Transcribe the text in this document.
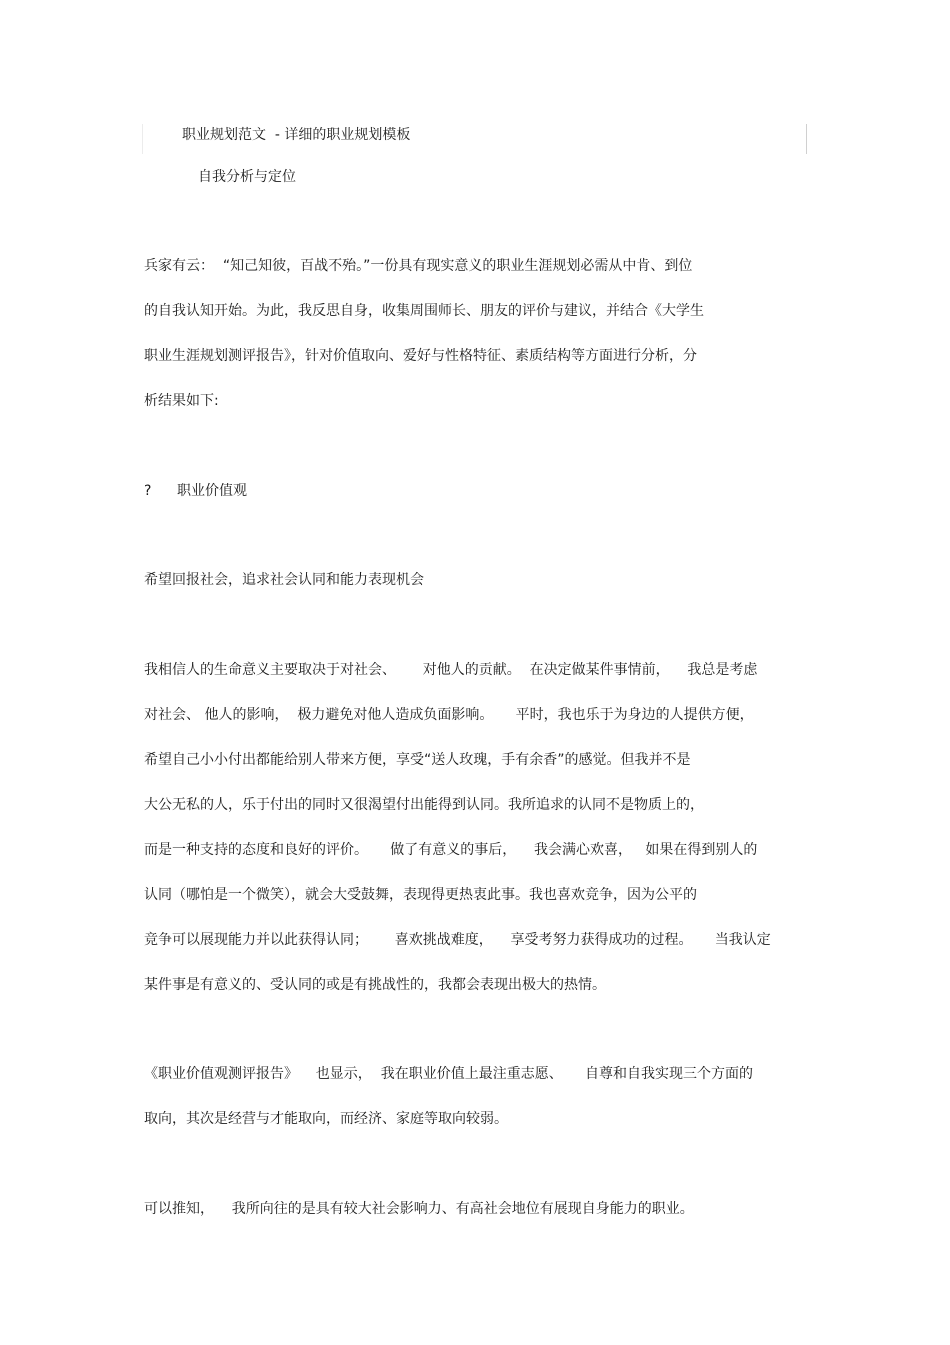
职业规划范文  - 详细的职业规划模板
自我分析与定位
兵家有云：  “知己知彼，百战不殆。”一份具有现实意义的职业生涯规划必需从中肯、到位
的自我认知开始。为此，我反思自身，收集周围师长、朋友的评价与建议，并结合《大学生
职业生涯规划测评报告》，针对价值取向、爱好与性格特征、素质结构等方面进行分析，分
析结果如下:
? 职业价值观
希望回报社会，追求社会认同和能力表现机会
我相信人的生命意义主要取决于对社会、      对他人的贡献。  在决定做某件事情前，    我总是考虑
对社会、 他人的影响，  极力避免对他人造成负面影响。     平时，我也乐于为身边的人提供方便，
希望自己小小付出都能给别人带来方便，享受“送人玫瑰，手有余香”的感觉。但我并不是
大公无私的人，乐于付出的同时又很渴望付出能得到认同。我所追求的认同不是物质上的，
而是一种支持的态度和良好的评价。     做了有意义的事后，    我会满心欢喜，   如果在得到别人的
认同（哪怕是一个微笑），就会大受鼓舞，表现得更热衷此事。我也喜欢竞争，因为公平的
竞争可以展现能力并以此获得认同；      喜欢挑战难度，    享受考努力获得成功的过程。     当我认定
某件事是有意义的、受认同的或是有挑战性的，我都会表现出极大的热情。
《职业价值观测评报告》    也显示，  我在职业价值上最注重志愿、     自尊和自我实现三个方面的
取向，其次是经营与才能取向，而经济、家庭等取向较弱。
可以推知，    我所向往的是具有较大社会影响力、有高社会地位有展现自身能力的职业。
